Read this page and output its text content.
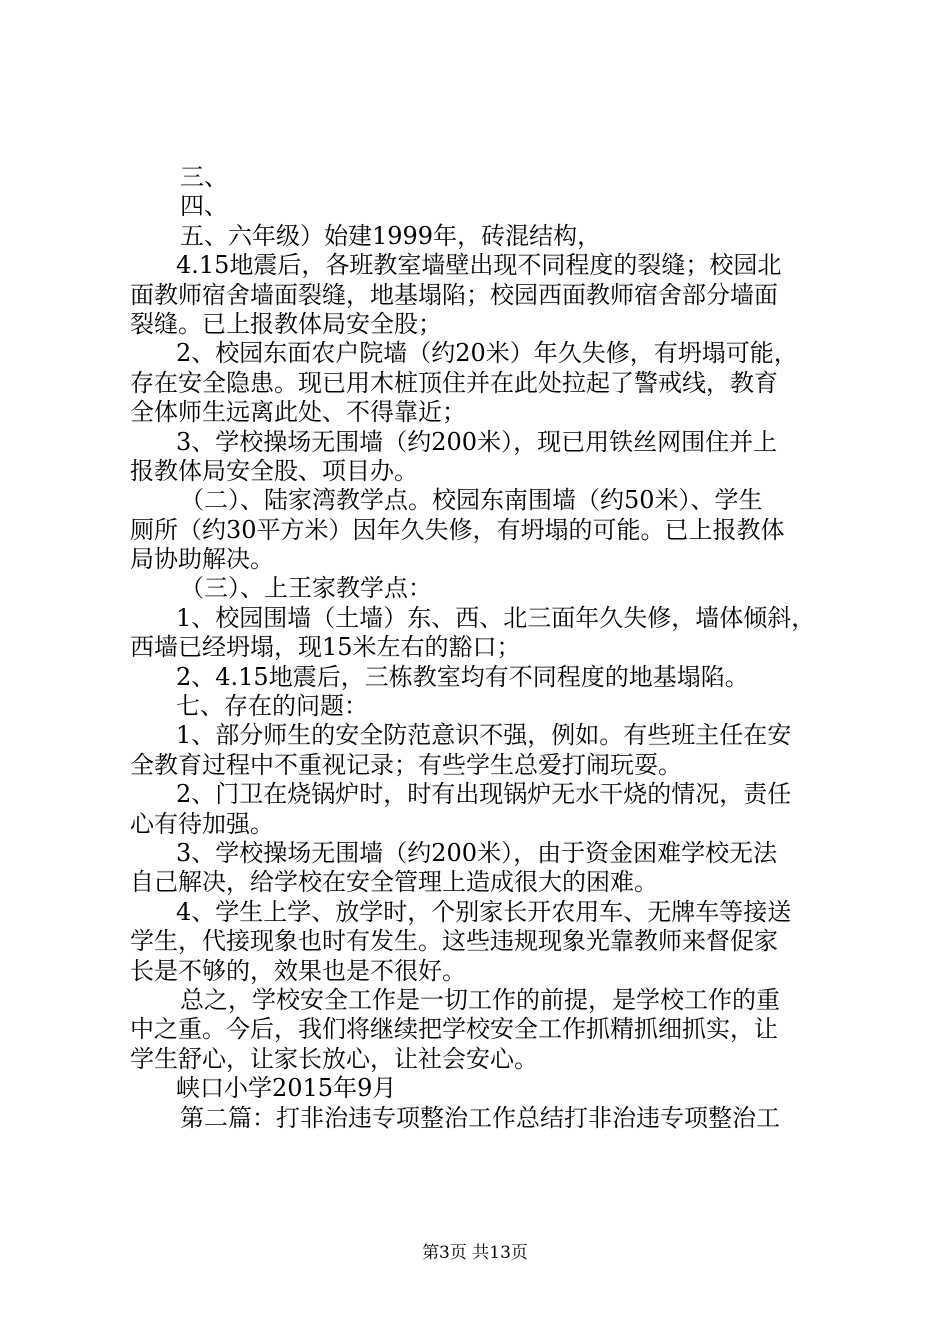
三、
四、
五、六年级）始建1999年，砖混结构，
4.15地震后，各班教室墙壁出现不同程度的裂缝；校园北
面教师宿舍墙面裂缝，地基塌陷；校园西面教师宿舍部分墙面
裂缝。已上报教体局安全股；
2、校园东面农户院墙（约20米）年久失修，有坍塌可能，
存在安全隐患。现已用木桩顶住并在此处拉起了警戒线，教育
全体师生远离此处、不得靠近；
3、学校操场无围墙（约200米），现已用铁丝网围住并上
报教体局安全股、项目办。
（二）、陆家湾教学点。校园东南围墙（约50米）、学生
厕所（约30平方米）因年久失修，有坍塌的可能。已上报教体
局协助解决。
（三）、上王家教学点：
1、校园围墙（土墙）东、西、北三面年久失修，墙体倾斜，
西墙已经坍塌，现15米左右的豁口；
2、4.15地震后，三栋教室均有不同程度的地基塌陷。
七、存在的问题：
1、部分师生的安全防范意识不强，例如。有些班主任在安
全教育过程中不重视记录；有些学生总爱打闹玩耍。
2、门卫在烧锅炉时，时有出现锅炉无水干烧的情况，责任
心有待加强。
3、学校操场无围墙（约200米），由于资金困难学校无法
自己解决，给学校在安全管理上造成很大的困难。
4、学生上学、放学时，个别家长开农用车、无牌车等接送
学生，代接现象也时有发生。这些违规现象光靠教师来督促家
长是不够的，效果也是不很好。
总之，学校安全工作是一切工作的前提，是学校工作的重
中之重。今后，我们将继续把学校安全工作抓精抓细抓实，让
学生舒心，让家长放心，让社会安心。
峡口小学2015年9月
第二篇：打非治违专项整治工作总结打非治违专项整治工
第3页 共13页
